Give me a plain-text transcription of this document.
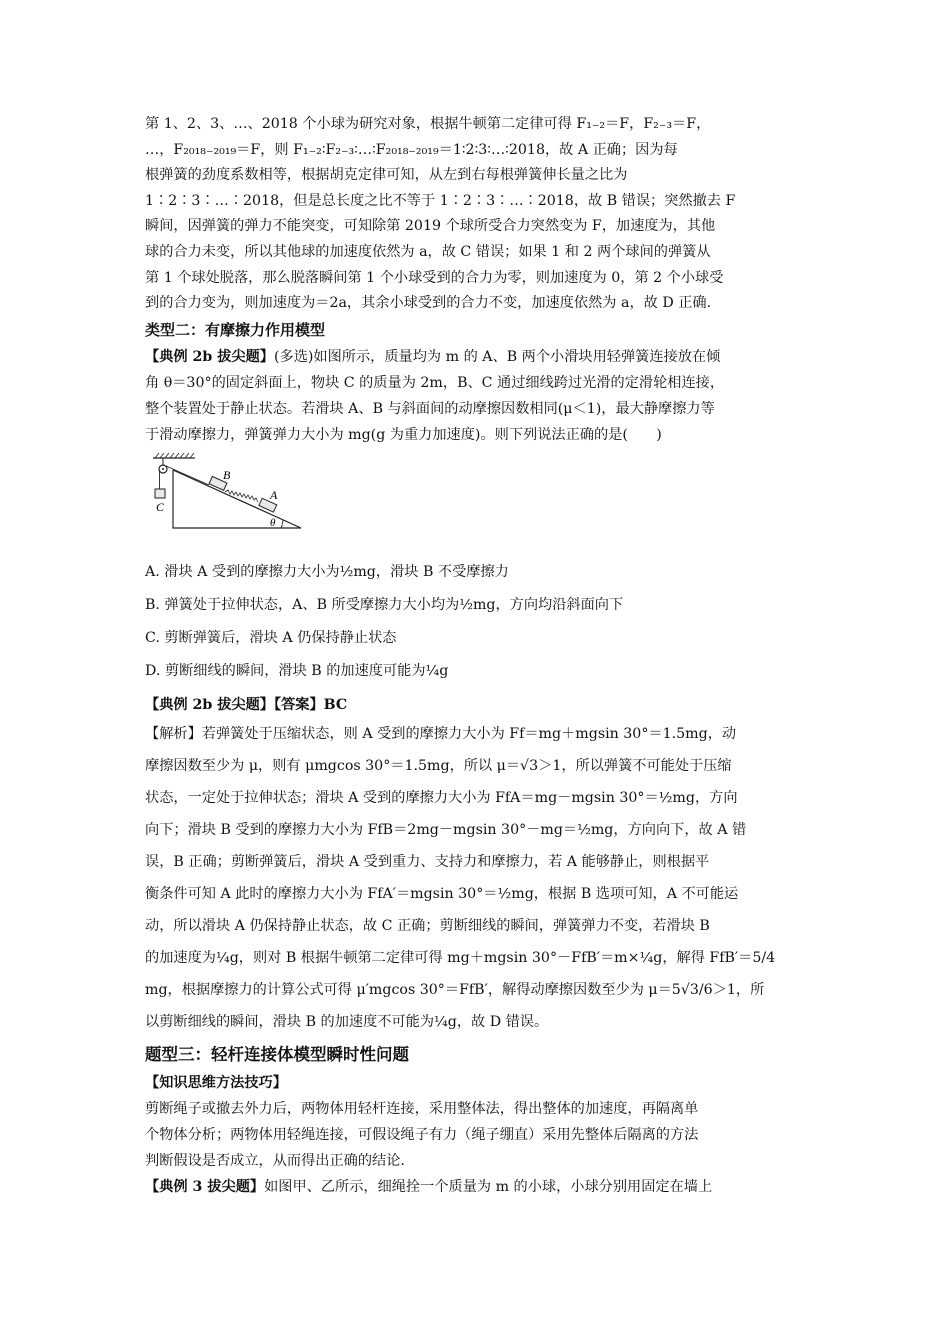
第 1、2、3、…、2018 个小球为研究对象，根据牛顿第二定律可得 F₁₋₂＝F，F₂₋₃＝F，

…，F₂₀₁₈₋₂₀₁₉＝F，则 F₁₋₂∶F₂₋₃∶…∶F₂₀₁₈₋₂₀₁₉＝1∶2∶3∶…∶2018，故 A 正确；因为每

根弹簧的劲度系数相等，根据胡克定律可知，从左到右每根弹簧伸长量之比为

1∶2∶3∶…∶2018，但是总长度之比不等于 1∶2∶3∶…∶2018，故 B 错误；突然撤去 F

瞬间，因弹簧的弹力不能突变，可知除第 2019 个球所受合力突然变为 F，加速度为，其他

球的合力未变，所以其他球的加速度依然为 a，故 C 错误；如果 1 和 2 两个球间的弹簧从

第 1 个球处脱落，那么脱落瞬间第 1 个小球受到的合力为零，则加速度为 0，第 2 个小球受

到的合力变为，则加速度为＝2a，其余小球受到的合力不变，加速度依然为 a，故 D 正确.

类型二：有摩擦力作用模型

【典例 2b 拔尖题】(多选)如图所示，质量均为 m 的 A、B 两个小滑块用轻弹簧连接放在倾

角 θ＝30°的固定斜面上，物块 C 的质量为 2m，B、C 通过细线跨过光滑的定滑轮相连接，

整个装置处于静止状态。若滑块 A、B 与斜面间的动摩擦因数相同(μ＜1)，最大静摩擦力等

于滑动摩擦力，弹簧弹力大小为 mg(g 为重力加速度)。则下列说法正确的是(　　)

C
B
A
θ

A. 滑块 A 受到的摩擦力大小为½mg，滑块 B 不受摩擦力

B. 弹簧处于拉伸状态，A、B 所受摩擦力大小均为½mg，方向均沿斜面向下

C. 剪断弹簧后，滑块 A 仍保持静止状态

D. 剪断细线的瞬间，滑块 B 的加速度可能为¼g

【典例 2b 拔尖题】【答案】BC

【解析】若弹簧处于压缩状态，则 A 受到的摩擦力大小为 Ff＝mg＋mgsin 30°＝1.5mg，动

摩擦因数至少为 μ，则有 μmgcos 30°＝1.5mg，所以 μ＝√3＞1，所以弹簧不可能处于压缩

状态，一定处于拉伸状态；滑块 A 受到的摩擦力大小为 FfA＝mg－mgsin 30°＝½mg，方向

向下；滑块 B 受到的摩擦力大小为 FfB＝2mg－mgsin 30°－mg＝½mg，方向向下，故 A 错

误，B 正确；剪断弹簧后，滑块 A 受到重力、支持力和摩擦力，若 A 能够静止，则根据平

衡条件可知 A 此时的摩擦力大小为 FfA′＝mgsin 30°＝½mg，根据 B 选项可知，A 不可能运

动，所以滑块 A 仍保持静止状态，故 C 正确；剪断细线的瞬间，弹簧弹力不变，若滑块 B

的加速度为¼g，则对 B 根据牛顿第二定律可得 mg＋mgsin 30°－FfB′＝m×¼g，解得 FfB′＝5/4

mg，根据摩擦力的计算公式可得 μ′mgcos 30°＝FfB′，解得动摩擦因数至少为 μ＝5√3/6＞1，所

以剪断细线的瞬间，滑块 B 的加速度不可能为¼g，故 D 错误。

题型三：轻杆连接体模型瞬时性问题

【知识思维方法技巧】

剪断绳子或撤去外力后，两物体用轻杆连接，采用整体法，得出整体的加速度，再隔离单

个物体分析；两物体用轻绳连接，可假设绳子有力（绳子绷直）采用先整体后隔离的方法

判断假设是否成立，从而得出正确的结论.

【典例 3 拔尖题】如图甲、乙所示，细绳拴一个质量为 m 的小球，小球分别用固定在墙上
